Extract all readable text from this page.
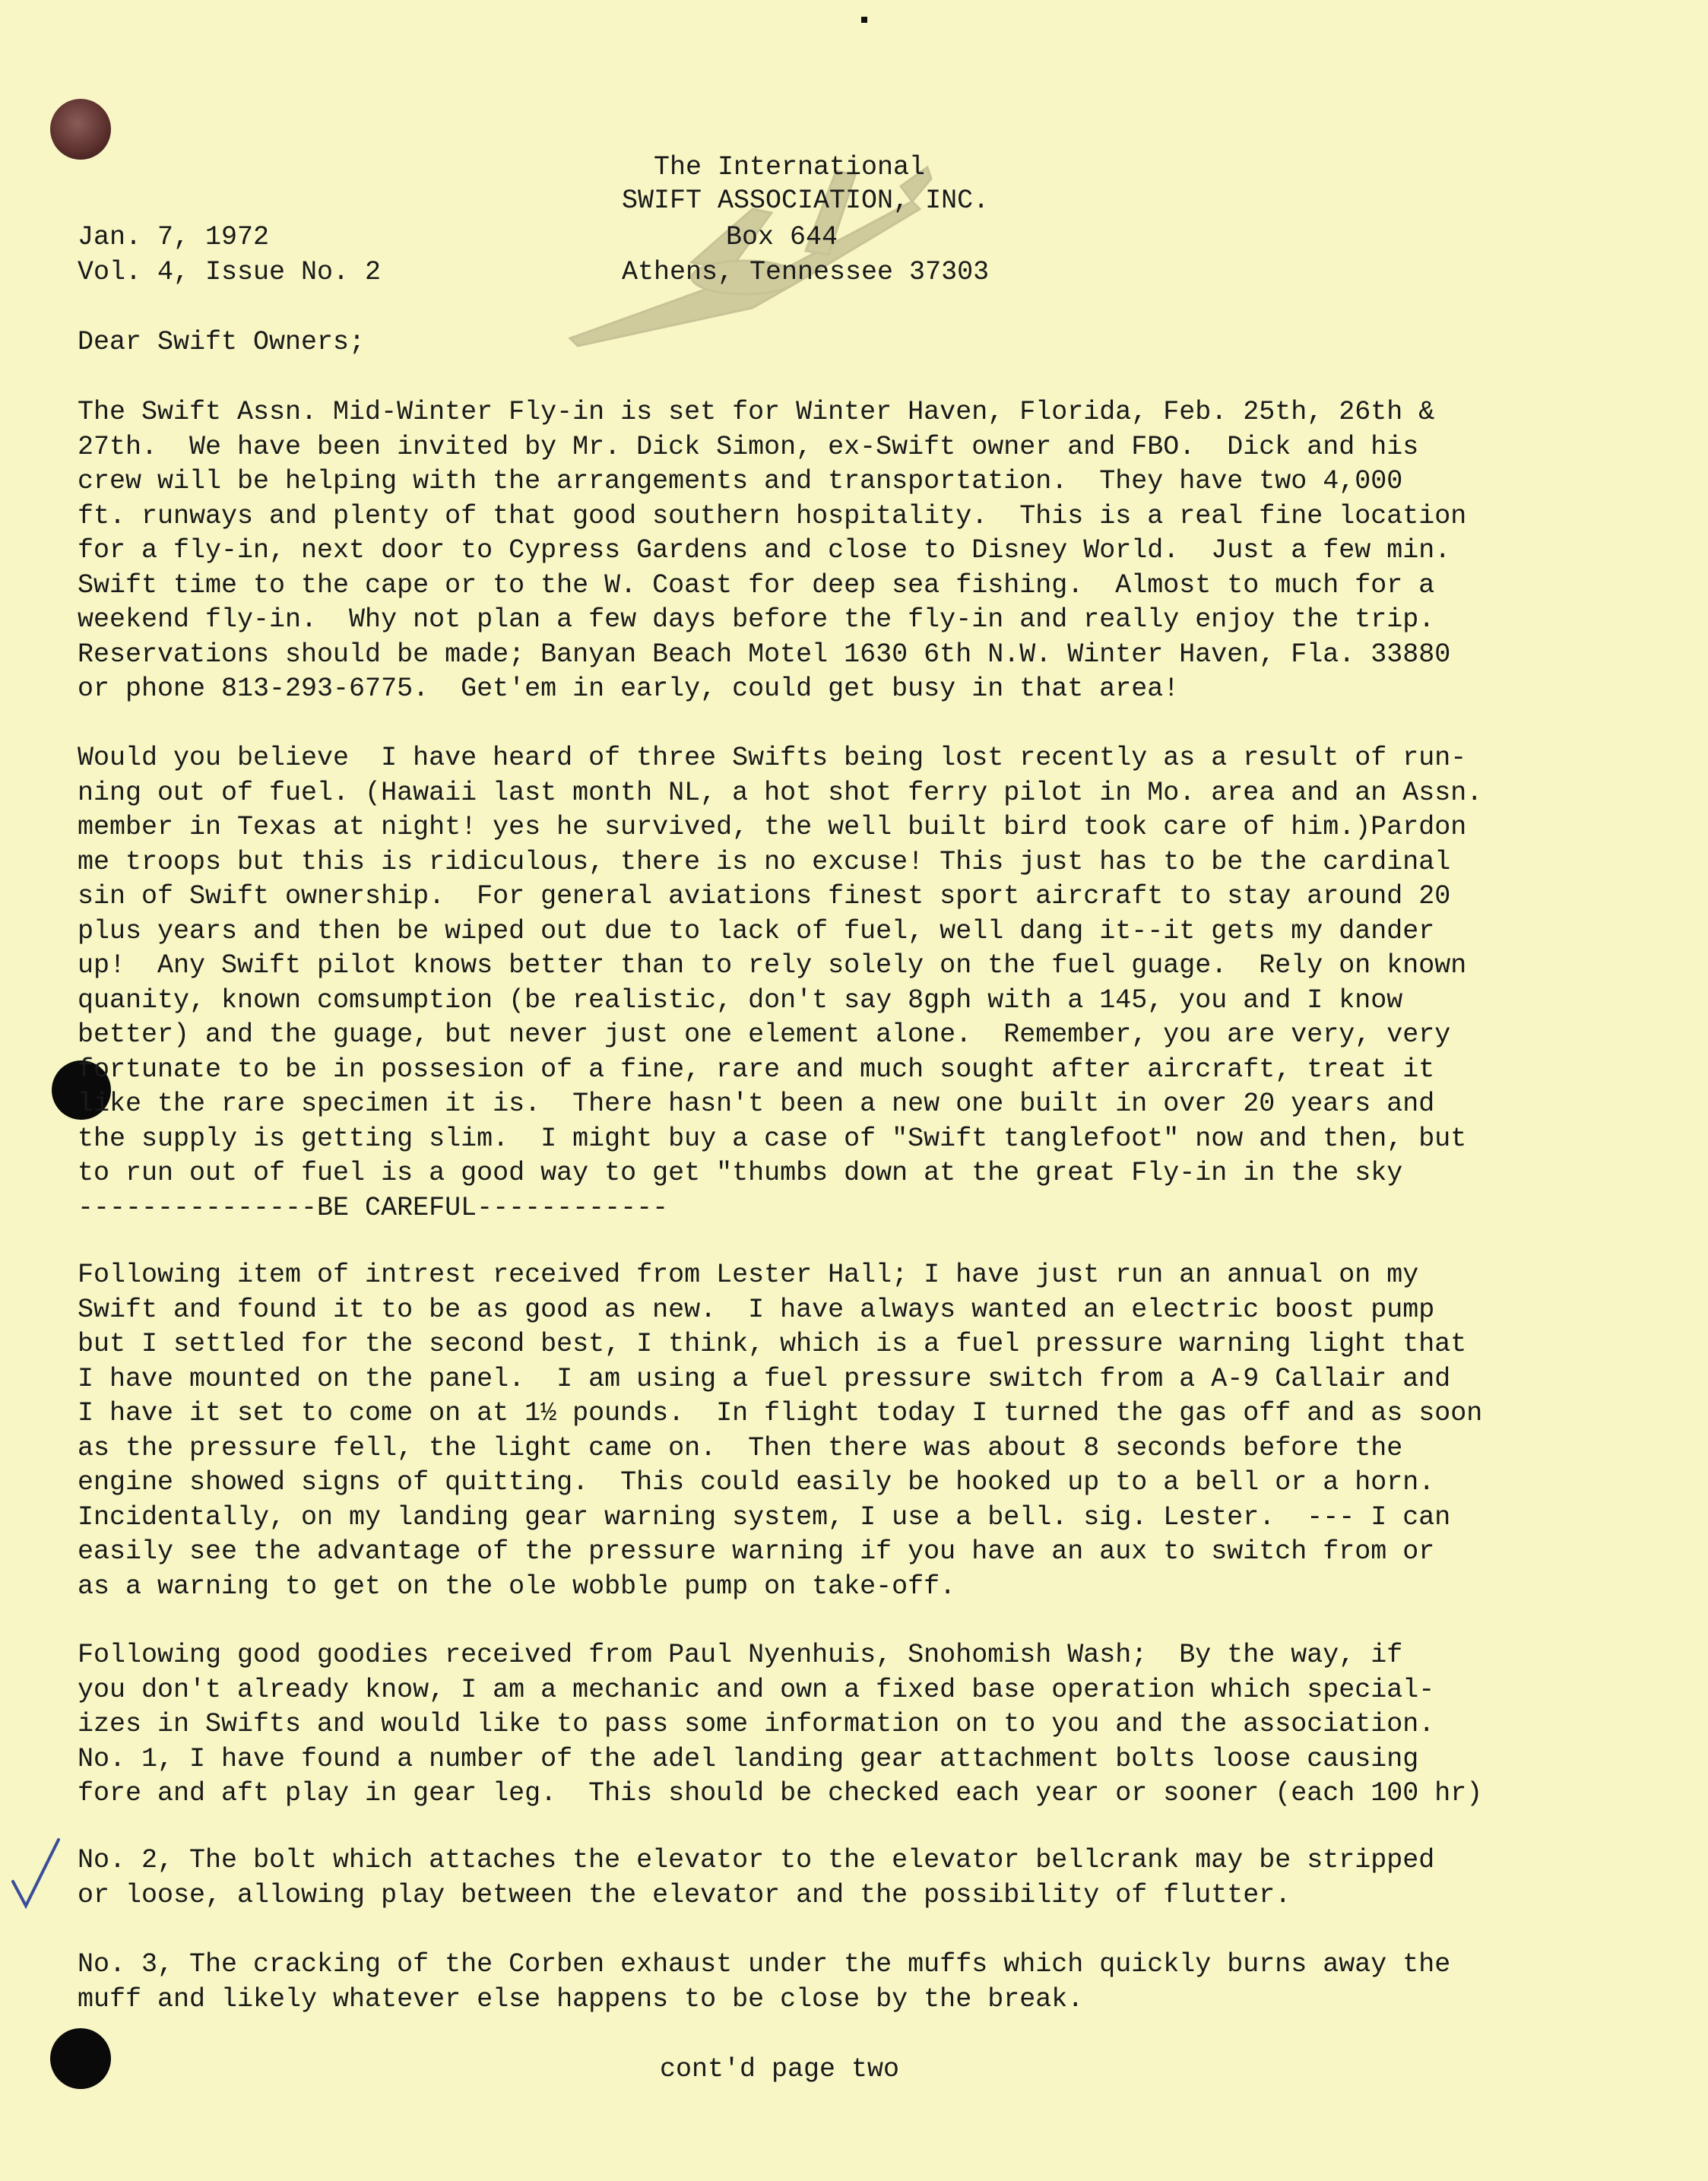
The International
SWIFT ASSOCIATION, INC.
Box 644
Athens, Tennessee 37303
Jan. 7, 1972
Vol. 4, Issue No. 2
Dear Swift Owners;
The Swift Assn. Mid-Winter Fly-in is set for Winter Haven, Florida, Feb. 25th, 26th &
27th.  We have been invited by Mr. Dick Simon, ex-Swift owner and FBO.  Dick and his
crew will be helping with the arrangements and transportation.  They have two 4,000
ft. runways and plenty of that good southern hospitality.  This is a real fine location
for a fly-in, next door to Cypress Gardens and close to Disney World.  Just a few min.
Swift time to the cape or to the W. Coast for deep sea fishing.  Almost to much for a
weekend fly-in.  Why not plan a few days before the fly-in and really enjoy the trip.
Reservations should be made; Banyan Beach Motel 1630 6th N.W. Winter Haven, Fla. 33880
or phone 813-293-6775.  Get'em in early, could get busy in that area!
Would you believe  I have heard of three Swifts being lost recently as a result of run-
ning out of fuel. (Hawaii last month NL, a hot shot ferry pilot in Mo. area and an Assn.
member in Texas at night! yes he survived, the well built bird took care of him.)Pardon
me troops but this is ridiculous, there is no excuse! This just has to be the cardinal
sin of Swift ownership.  For general aviations finest sport aircraft to stay around 20
plus years and then be wiped out due to lack of fuel, well dang it--it gets my dander
up!  Any Swift pilot knows better than to rely solely on the fuel guage.  Rely on known
quanity, known comsumption (be realistic, don't say 8gph with a 145, you and I know
better) and the guage, but never just one element alone.  Remember, you are very, very
fortunate to be in possesion of a fine, rare and much sought after aircraft, treat it
like the rare specimen it is.  There hasn't been a new one built in over 20 years and
the supply is getting slim.  I might buy a case of "Swift tanglefoot" now and then, but
to run out of fuel is a good way to get "thumbs down at the great Fly-in in the sky
---------------BE CAREFUL------------
Following item of intrest received from Lester Hall; I have just run an annual on my
Swift and found it to be as good as new.  I have always wanted an electric boost pump
but I settled for the second best, I think, which is a fuel pressure warning light that
I have mounted on the panel.  I am using a fuel pressure switch from a A-9 Callair and
I have it set to come on at 1½ pounds.  In flight today I turned the gas off and as soon
as the pressure fell, the light came on.  Then there was about 8 seconds before the
engine showed signs of quitting.  This could easily be hooked up to a bell or a horn.
Incidentally, on my landing gear warning system, I use a bell. sig. Lester.  --- I can
easily see the advantage of the pressure warning if you have an aux to switch from or
as a warning to get on the ole wobble pump on take-off.
Following good goodies received from Paul Nyenhuis, Snohomish Wash;  By the way, if
you don't already know, I am a mechanic and own a fixed base operation which special-
izes in Swifts and would like to pass some information on to you and the association.
No. 1, I have found a number of the adel landing gear attachment bolts loose causing
fore and aft play in gear leg.  This should be checked each year or sooner (each 100 hr)
No. 2, The bolt which attaches the elevator to the elevator bellcrank may be stripped
or loose, allowing play between the elevator and the possibility of flutter.
No. 3, The cracking of the Corben exhaust under the muffs which quickly burns away the
muff and likely whatever else happens to be close by the break.
cont'd page two
